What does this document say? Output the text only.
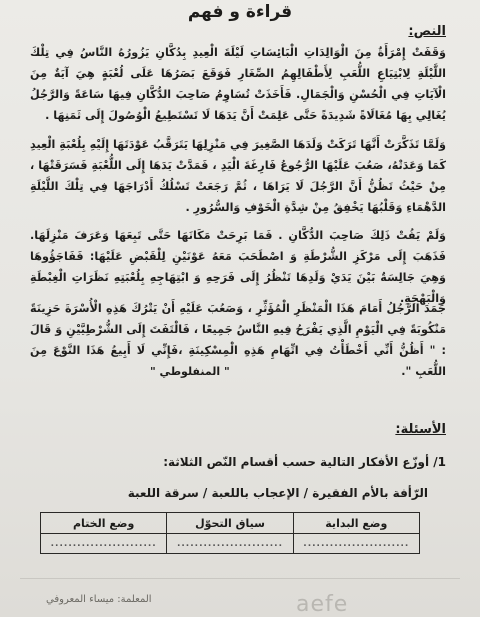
قراءة و فهم
النص:
وَقَفَتْ إِمْرَأَةٌ مِنَ الْوَالِدَاتِ الْبَائِسَاتِ لَيْلَةَ الْعِيدِ بِدُكَّانِ يَزُورُهُ النَّاسُ فِي تِلْكَ اللَّيْلَةِ لِابْتِيَاعِ اللُّعَبِ لِأَطْفَالِهِمُ الصِّغَارِ فَوَقَعَ بَصَرُهَا عَلَى لُعْبَةٍ هِيَ آيَةٌ مِنَ الْآيَاتِ فِي الْحُسْنِ وَالْجَمَالِ. فَأَخَذَتْ تُسَاوِمُ صَاحِبَ الدُّكَّانِ فِيهَا سَاعَةً وَالرَّجُلُ يُغَالِي بِهَا مُغَالَاةً شَدِيدَةً حَتَّى عَلِمَتْ أَنَّ يَدَهَا لَا تَسْتَطِيعُ الْوُصُولَ إِلَى ثَمَنِهَا .
وَلَمَّا تَذَكَّرَتْ أَنَّهَا تَرَكَتْ وَلَدَهَا الصَّغِيرَ فِي مَنْزِلِهَا يَتَرَقَّبُ عَوْدَتَهَا إِلَيْهِ بِلُعْبَةِ الْعِيدِ كَمَا وَعَدَتْهُ، صَعُبَ عَلَيْهَا الرُّجُوعُ فَارِغَةَ الْيَدِ ، فَمَدَّتْ يَدَهَا إِلَى اللُّعْبَةِ فَسَرَقَتْهَا ، مِنْ حَيْثُ تَظُنُّ أَنَّ الرَّجُلَ لَا يَرَاهَا ، ثُمَّ رَجَعَتْ تَسْلُكُ أَدْرَاجَهَا فِي تِلْكَ اللَّيْلَةِ الدَّهْمَاءِ وَقَلْبُهَا يَخْفِقُ مِنْ شِدَّةِ الْخَوْفِ وَالسُّرُورِ .
وَلَمْ يَفُتْ ذَلِكَ صَاحِبَ الدُّكَّانِ . فَمَا بَرِحَتْ مَكَانَهَا حَتَّى تَبِعَهَا وَعَرَفَ مَنْزِلَهَا. فَذَهَبَ إِلَى مَرْكَزِ الشُّرْطَةِ وَ اصْطَحَبَ مَعَهُ عَوْنَيْنِ لِلْقَبْضِ عَلَيْهَا: فَفَاجَؤُوهَا وَهِيَ جَالِسَةٌ بَيْنَ يَدَيْ وَلَدِهَا تَنْظُرُ إِلَى فَرَحِهِ وَ ابْتِهَاجِهِ بِلُعْبَتِهِ نَظَرَاتِ الْغِبْطَةِ وَالْبَهْجَةِ.
جَمَدَ الرَّجُلُ أَمَامَ هَذَا الْمَنْظَرِ الْمُؤَثِّرِ ، وَصَعُبَ عَلَيْهِ أَنْ يَتْرُكَ هَذِهِ الْأُسْرَةَ حَزِينَةً مَنْكُوبَةً فِي الْيَوْمِ الَّذِي يَفْرَحُ فِيهِ النَّاسُ جَمِيعًا ، فَالْتَفَتَ إِلَى الشُّرْطِيَّيْنِ وَ قَالَ : " أَظُنُّ أَنِّي أَخْطَأْتُ فِي اتِّهَامِ هَذِهِ الْمِسْكِينَةِ ،فَإِنِّي لَا أَبِيعُ هَذَا النَّوْعَ مِنَ اللُّعَبِ ".
" المنفلوطي "
الأسئلة:
1/ أوزّع الأفكار التالية حسب أقسام النّص الثلاثة:
الرّأفة بالأم الفقيرة / الإعجاب باللعبة / سرقة اللعبة
وضع البداية	سياق التحوّل	وضع الختام
........................	........................	........................
aefe
المعلمة: ميساء المعروفي
